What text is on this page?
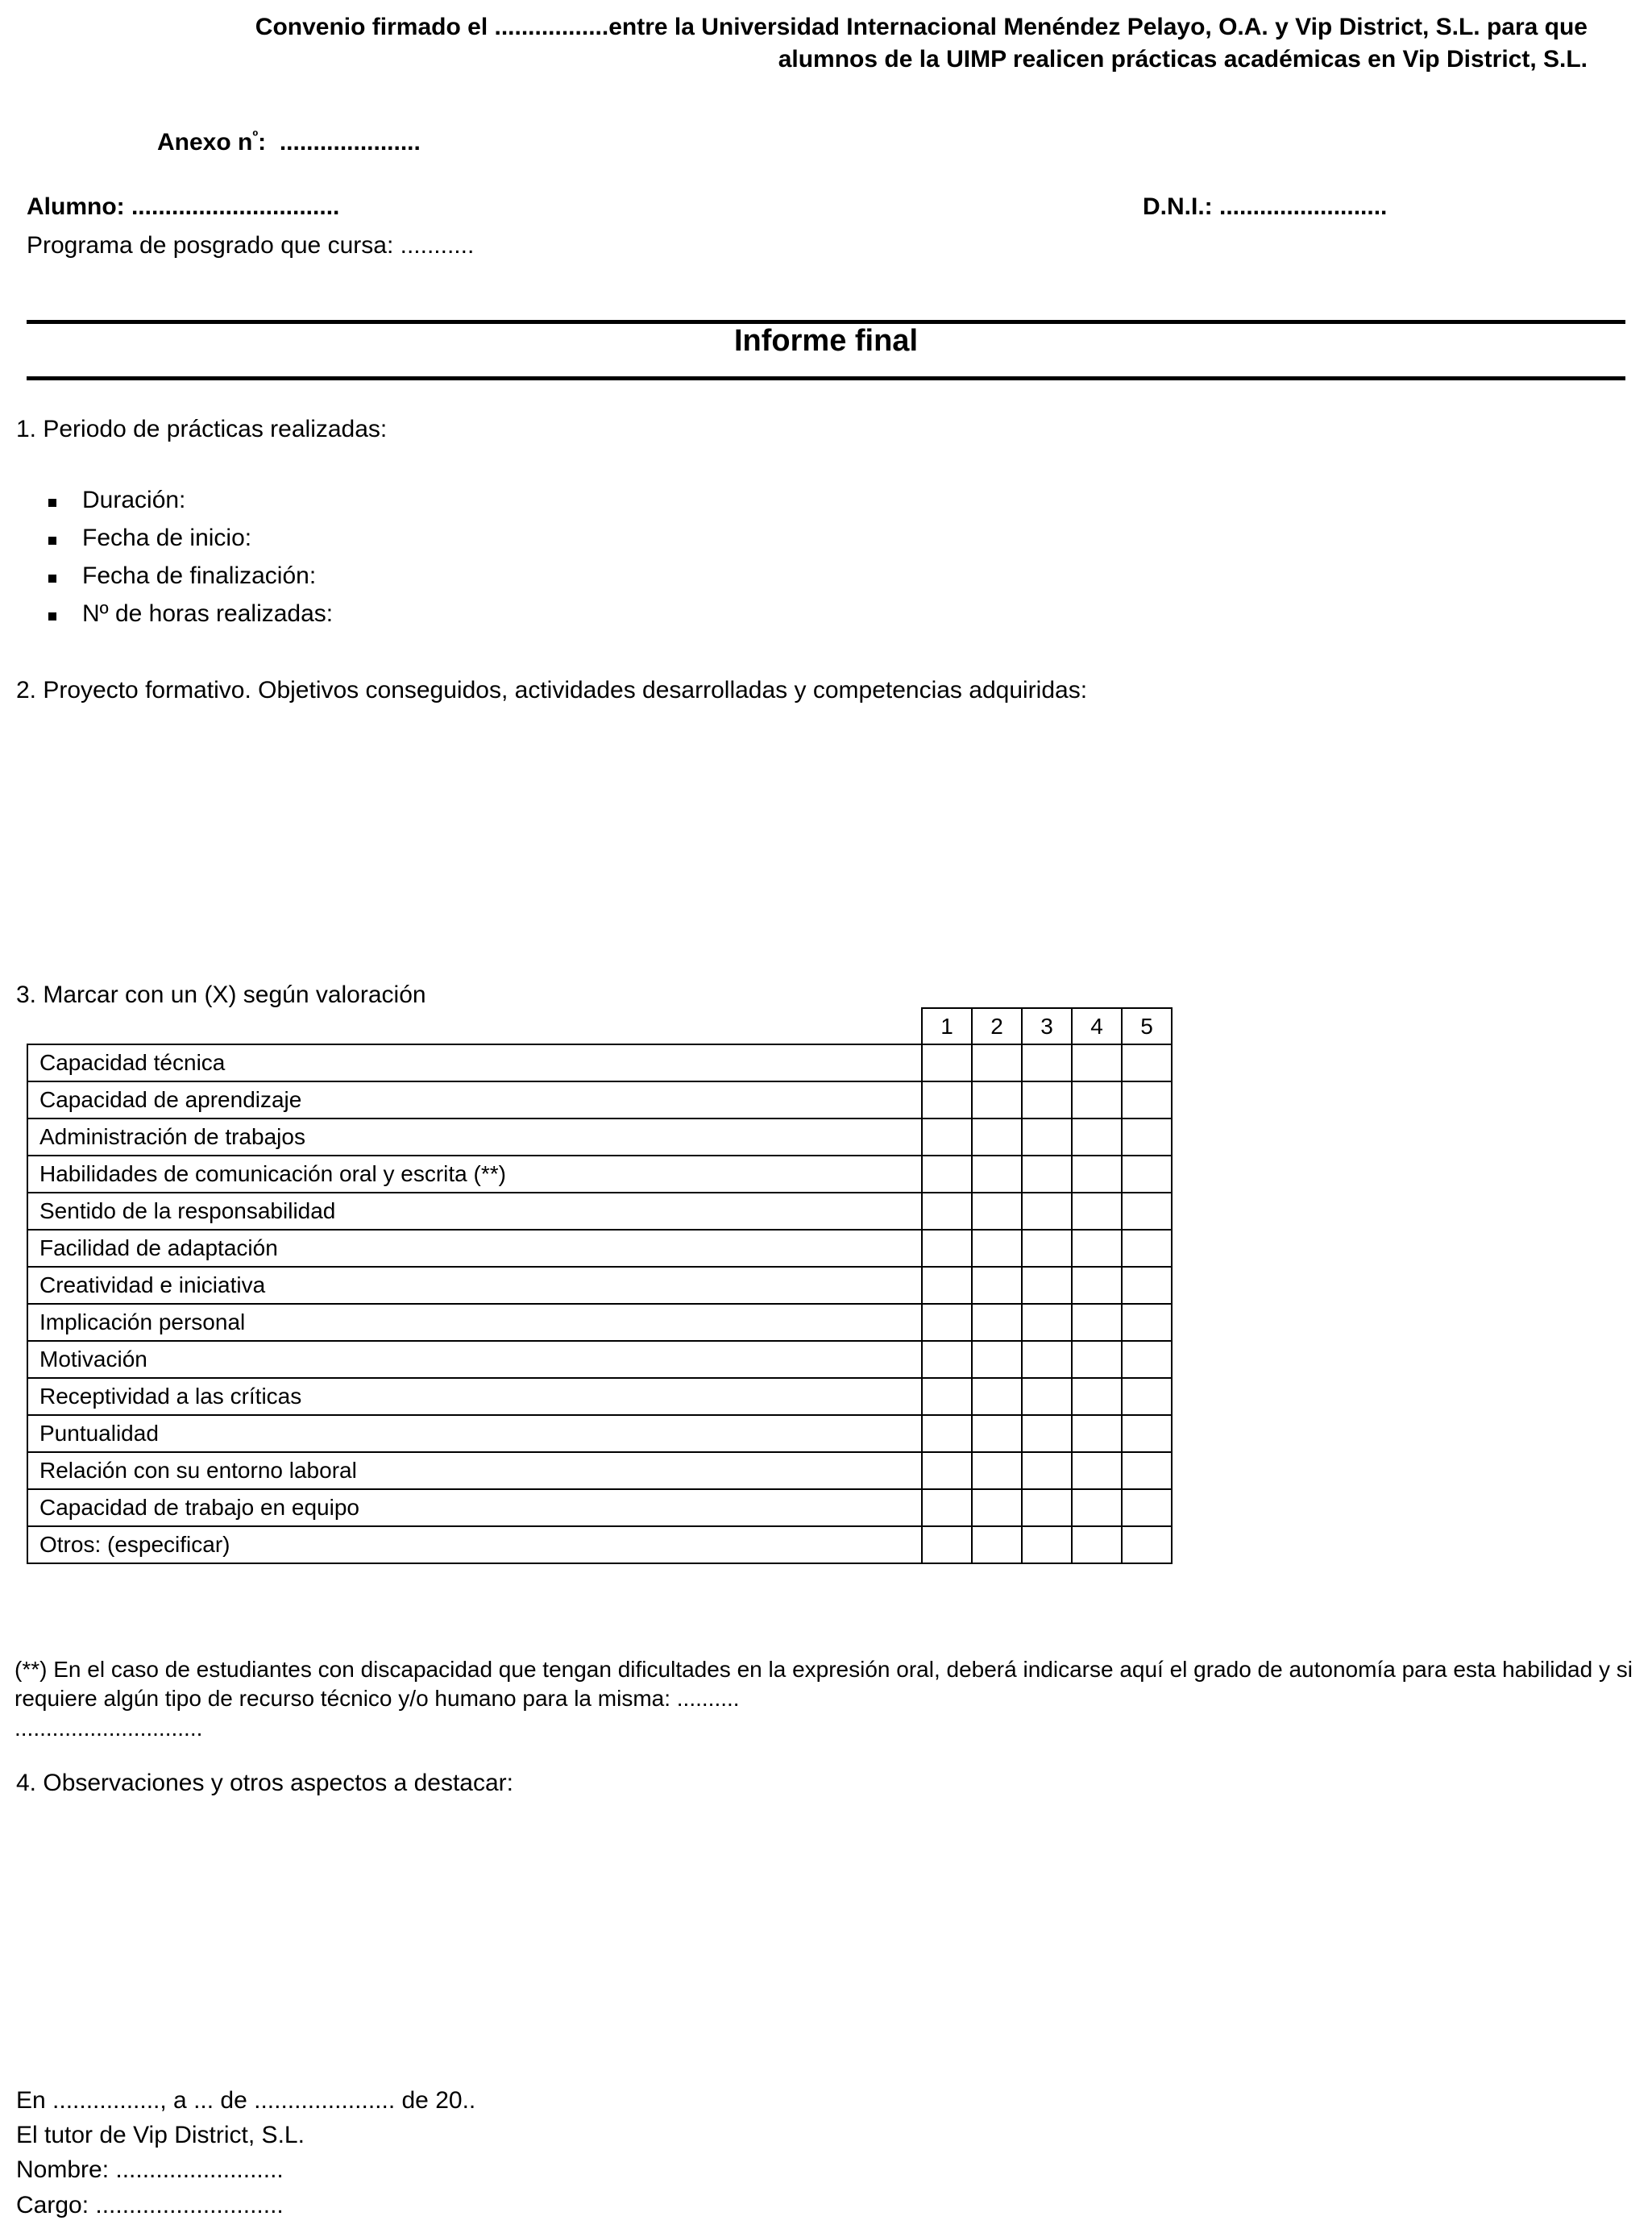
Convenio firmado el .................entre la Universidad Internacional Menéndez Pelayo, O.A. y Vip District, S.L. para que
alumnos de la UIMP realicen prácticas académicas en Vip District, S.L.
Anexo $n^º$:  .....................
Alumno: ...............................	D.N.I.: .........................
Programa de posgrado que cursa: ...........
Informe final
1. Periodo de prácticas realizadas:
Duración:
Fecha de inicio:
Fecha de finalización:
Nº de horas realizadas:
2. Proyecto formativo. Objetivos conseguidos, actividades desarrolladas y competencias adquiridas:
3. Marcar con un (X) según valoración
	1	2	3	4	5
Capacidad técnica					
Capacidad de aprendizaje					
Administración de trabajos					
Habilidades de comunicación oral y escrita (**)					
Sentido de la responsabilidad					
Facilidad de adaptación					
Creatividad e iniciativa					
Implicación personal					
Motivación					
Receptividad a las críticas					
Puntualidad					
Relación con su entorno laboral					
Capacidad de trabajo en equipo					
Otros: (especificar)					
(**) En el caso de estudiantes con discapacidad que tengan dificultades en la expresión oral, deberá indicarse aquí el grado de autonomía para esta habilidad y si requiere algún tipo de recurso técnico y/o humano para la misma: ..........
..............................
4. Observaciones y otros aspectos a destacar:
En ................, a ... de ..................... de 20..
El tutor de Vip District, S.L.
Nombre: .........................
Cargo: ............................
